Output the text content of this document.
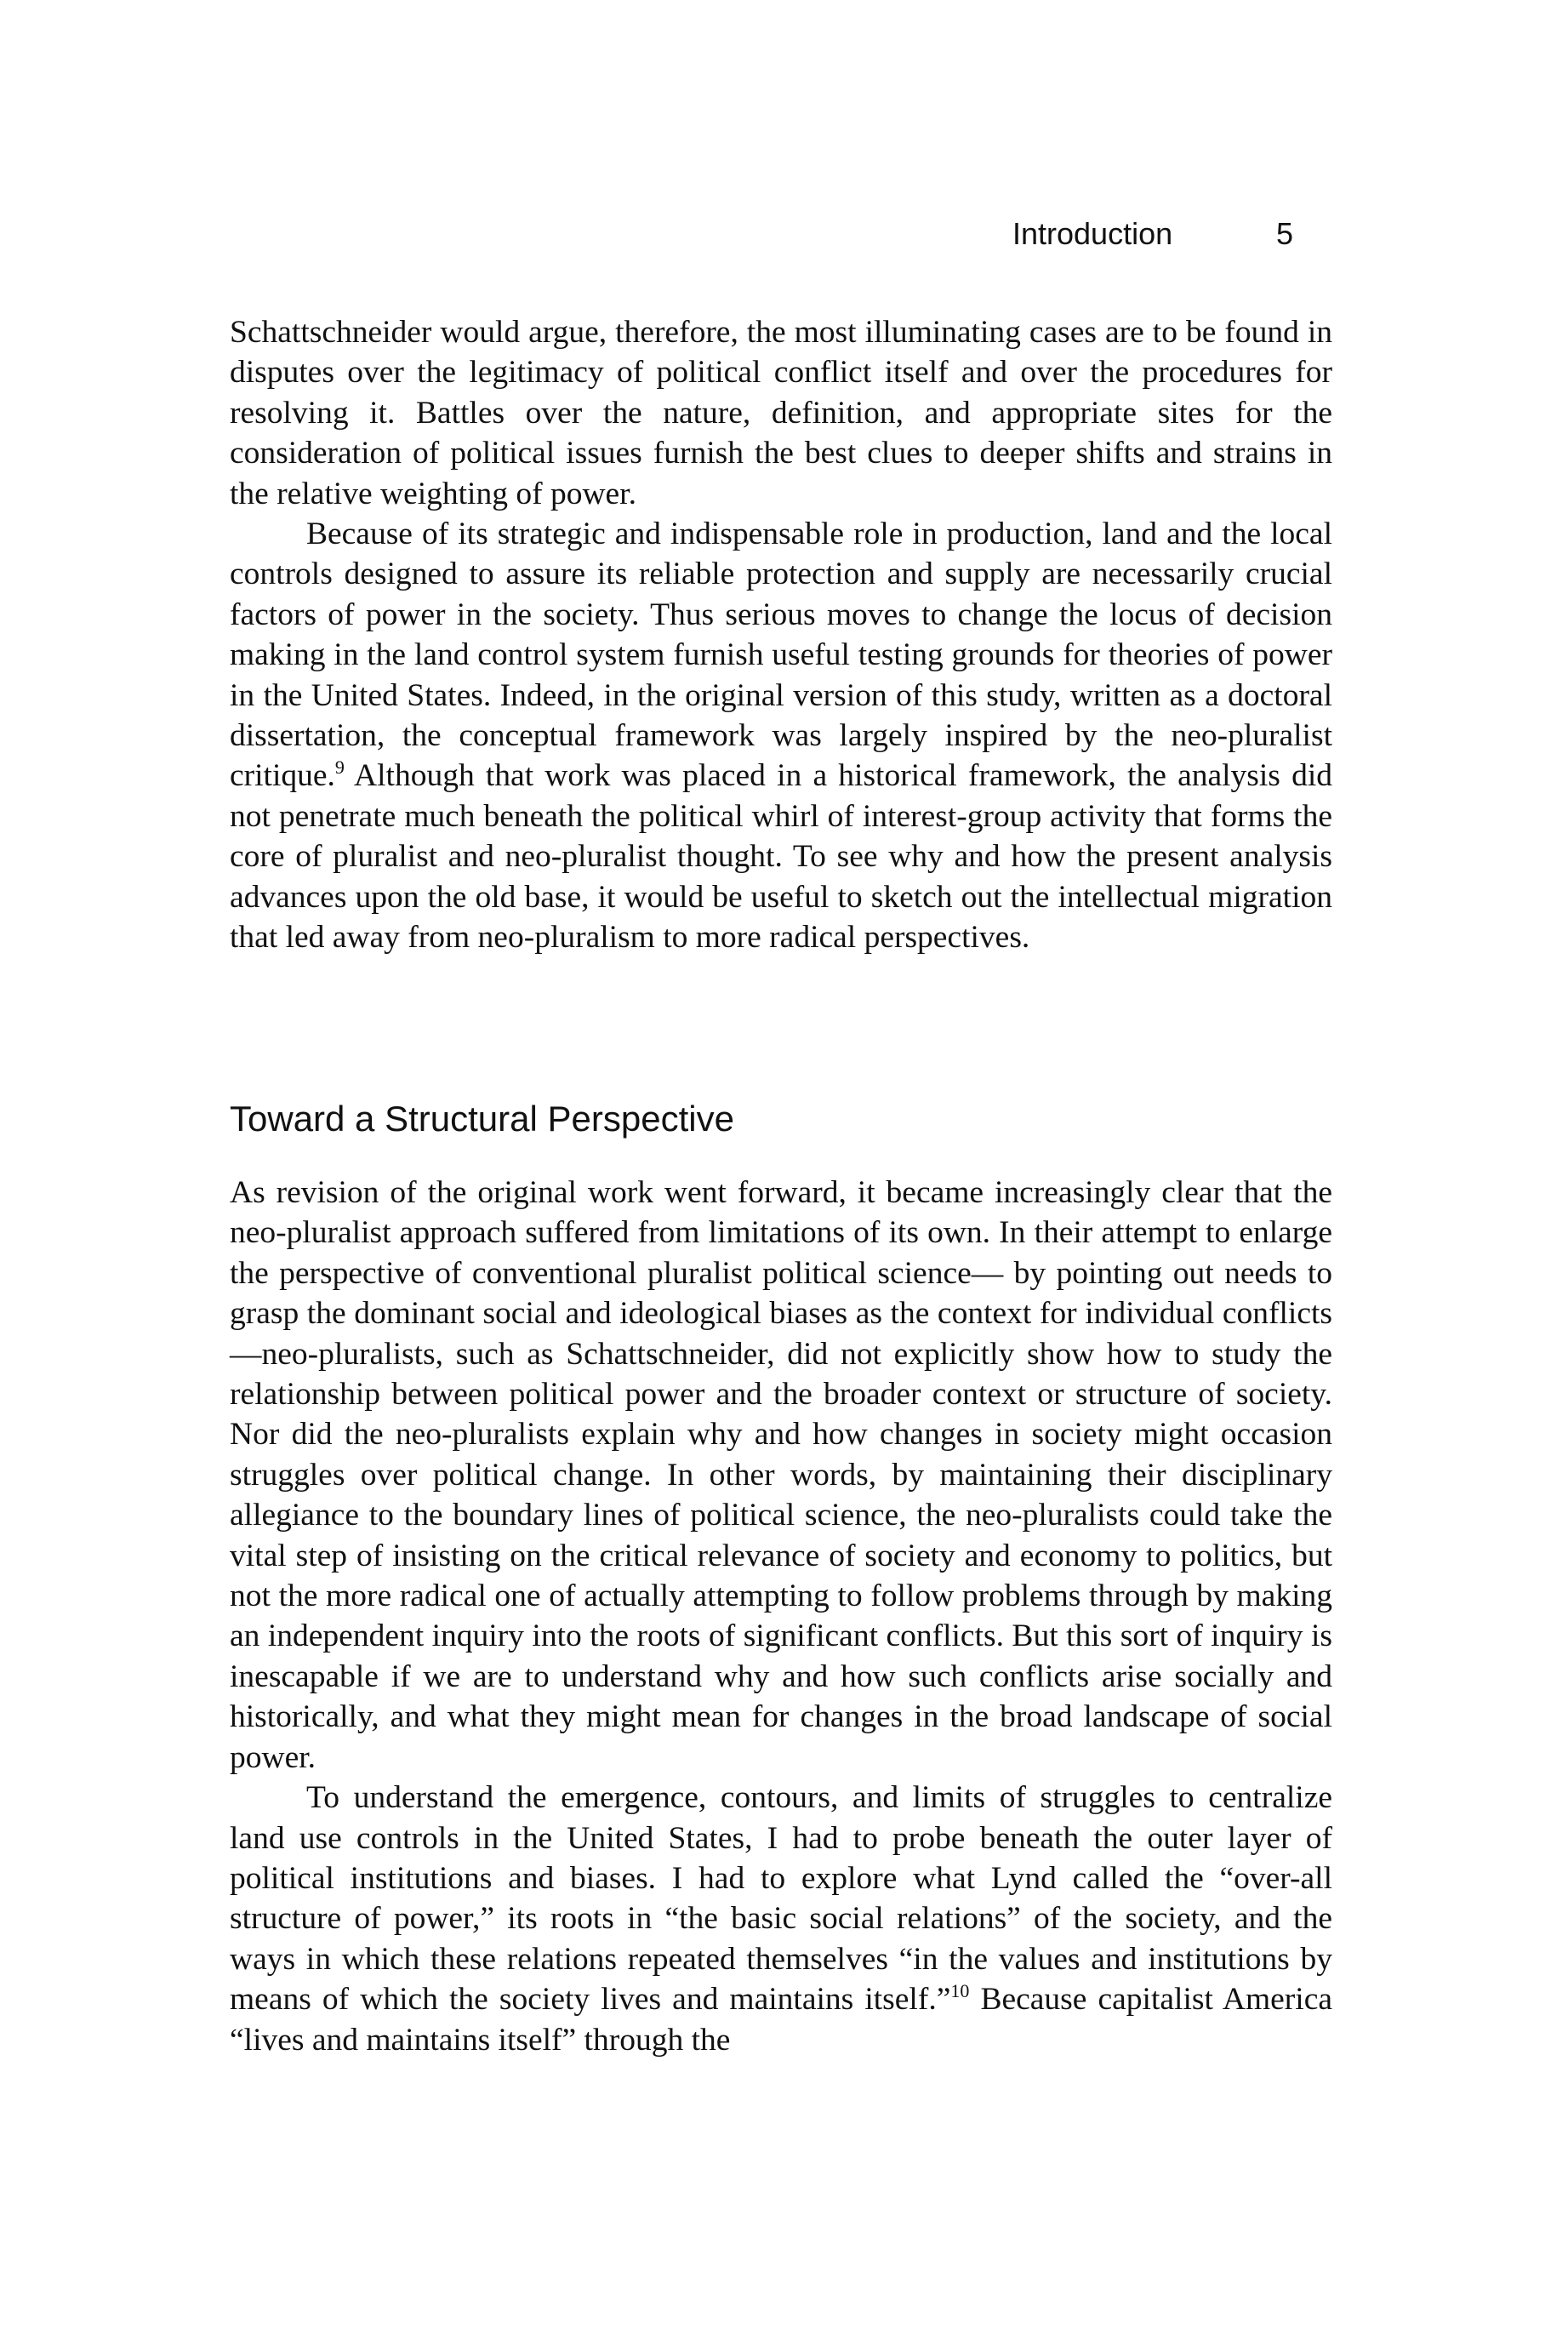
Introduction	5

Schattschneider would argue, therefore, the most illuminating cases are to be found in disputes over the legitimacy of political conflict itself and over the procedures for resolving it. Battles over the nature, definition, and appropriate sites for the consideration of political issues furnish the best clues to deeper shifts and strains in the relative weighting of power.

Because of its strategic and indispensable role in production, land and the local controls designed to assure its reliable protection and supply are necessarily crucial factors of power in the society. Thus serious moves to change the locus of decision making in the land control system furnish useful testing grounds for theories of power in the United States. Indeed, in the original version of this study, written as a doctoral dissertation, the conceptual framework was largely inspired by the neo-pluralist critique.$^9$ Although that work was placed in a historical framework, the analysis did not penetrate much beneath the political whirl of interest-group activity that forms the core of pluralist and neo-pluralist thought. To see why and how the present analysis advances upon the old base, it would be useful to sketch out the intellectual migration that led away from neo-pluralism to more radical perspectives.

Toward a Structural Perspective

As revision of the original work went forward, it became increasingly clear that the neo-pluralist approach suffered from limitations of its own. In their attempt to enlarge the perspective of conventional pluralist political science— by pointing out needs to grasp the dominant social and ideological biases as the context for individual conflicts—neo-pluralists, such as Schattschneider, did not explicitly show how to study the relationship between political power and the broader context or structure of society. Nor did the neo-pluralists explain why and how changes in society might occasion struggles over political change. In other words, by maintaining their disciplinary allegiance to the boundary lines of political science, the neo-pluralists could take the vital step of insisting on the critical relevance of society and economy to politics, but not the more radical one of actually attempting to follow problems through by making an independent inquiry into the roots of significant conflicts. But this sort of inquiry is inescapable if we are to understand why and how such conflicts arise socially and historically, and what they might mean for changes in the broad landscape of social power.

To understand the emergence, contours, and limits of struggles to centralize land use controls in the United States, I had to probe beneath the outer layer of political institutions and biases. I had to explore what Lynd called the “over-all structure of power,” its roots in “the basic social relations” of the society, and the ways in which these relations repeated themselves “in the values and institutions by means of which the society lives and maintains itself.”$^{10}$ Because capitalist America “lives and maintains itself” through the
